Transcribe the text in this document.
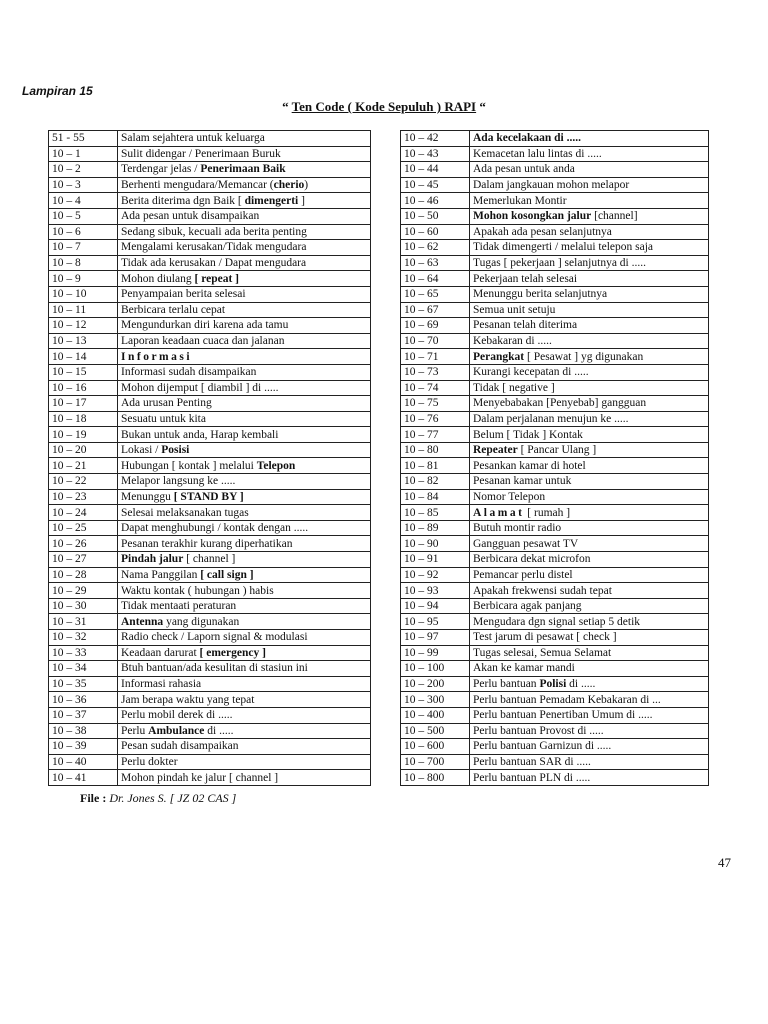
Lampiran 15
“ Ten Code ( Kode Sepuluh ) RAPI “
51 - 55	Salam sejahtera untuk keluarga
10 – 1	Sulit didengar / Penerimaan Buruk
10 – 2	Terdengar jelas / Penerimaan Baik
10 – 3	Berhenti mengudara/Memancar (cherio)
10 – 4	Berita diterima dgn Baik [ dimengerti ]
10 – 5	Ada pesan untuk disampaikan
10 – 6	Sedang sibuk, kecuali ada berita penting
10 – 7	Mengalami kerusakan/Tidak mengudara
10 – 8	Tidak ada kerusakan / Dapat mengudara
10 – 9	Mohon diulang [ repeat ]
10 – 10	Penyampaian berita selesai
10 – 11	Berbicara terlalu cepat
10 – 12	Mengundurkan diri karena ada tamu
10 – 13	Laporan keadaan cuaca dan jalanan
10 – 14	Informasi
10 – 15	Informasi sudah disampaikan
10 – 16	Mohon dijemput [ diambil ] di .....
10 – 17	Ada urusan Penting
10 – 18	Sesuatu untuk kita
10 – 19	Bukan untuk anda, Harap kembali
10 – 20	Lokasi / Posisi
10 – 21	Hubungan [ kontak ] melalui Telepon
10 – 22	Melapor langsung ke .....
10 – 23	Menunggu [ STAND BY ]
10 – 24	Selesai melaksanakan tugas
10 – 25	Dapat menghubungi / kontak dengan .....
10 – 26	Pesanan terakhir kurang diperhatikan
10 – 27	Pindah jalur [ channel ]
10 – 28	Nama Panggilan [ call sign ]
10 – 29	Waktu kontak ( hubungan ) habis
10 – 30	Tidak mentaati peraturan
10 – 31	Antenna yang digunakan
10 – 32	Radio check / Laporn signal & modulasi
10 – 33	Keadaan darurat [ emergency ]
10 – 34	Btuh bantuan/ada kesulitan di stasiun ini
10 – 35	Informasi rahasia
10 – 36	Jam berapa waktu yang tepat
10 – 37	Perlu mobil derek di .....
10 – 38	Perlu Ambulance di .....
10 – 39	Pesan sudah disampaikan
10 – 40	Perlu dokter
10 – 41	Mohon pindah ke jalur [ channel ]
10 – 42	Ada kecelakaan di .....
10 – 43	Kemacetan lalu lintas di .....
10 – 44	Ada pesan untuk anda
10 – 45	Dalam jangkauan mohon melapor
10 – 46	Memerlukan Montir
10 – 50	Mohon kosongkan jalur [channel]
10 – 60	Apakah ada pesan selanjutnya
10 – 62	Tidak dimengerti / melalui telepon saja
10 – 63	Tugas [ pekerjaan ] selanjutnya di .....
10 – 64	Pekerjaan telah selesai
10 – 65	Menunggu berita selanjutnya
10 – 67	Semua unit setuju
10 – 69	Pesanan telah diterima
10 – 70	Kebakaran di .....
10 – 71	Perangkat [ Pesawat ] yg digunakan
10 – 73	Kurangi kecepatan di .....
10 – 74	Tidak [ negative ]
10 – 75	Menyebabakan [Penyebab] gangguan
10 – 76	Dalam perjalanan menujun ke .....
10 – 77	Belum [ Tidak ] Kontak
10 – 80	Repeater [ Pancar Ulang ]
10 – 81	Pesankan kamar di hotel
10 – 82	Pesanan kamar untuk
10 – 84	Nomor Telepon
10 – 85	Alamat [ rumah ]
10 – 89	Butuh montir radio
10 – 90	Gangguan pesawat TV
10 – 91	Berbicara dekat microfon
10 – 92	Pemancar perlu distel
10 – 93	Apakah frekwensi sudah tepat
10 – 94	Berbicara agak panjang
10 – 95	Mengudara dgn signal setiap 5 detik
10 – 97	Test jarum di pesawat [ check ]
10 – 99	Tugas selesai, Semua Selamat
10 – 100	Akan ke kamar mandi
10 – 200	Perlu bantuan Polisi di .....
10 – 300	Perlu bantuan Pemadam Kebakaran di ...
10 – 400	Perlu bantuan Penertiban Umum di .....
10 – 500	Perlu bantuan Provost di .....
10 – 600	Perlu bantuan Garnizun di .....
10 – 700	Perlu bantuan SAR di .....
10 – 800	Perlu bantuan PLN di .....
File : Dr. Jones S. [ JZ 02 CAS ]
47
